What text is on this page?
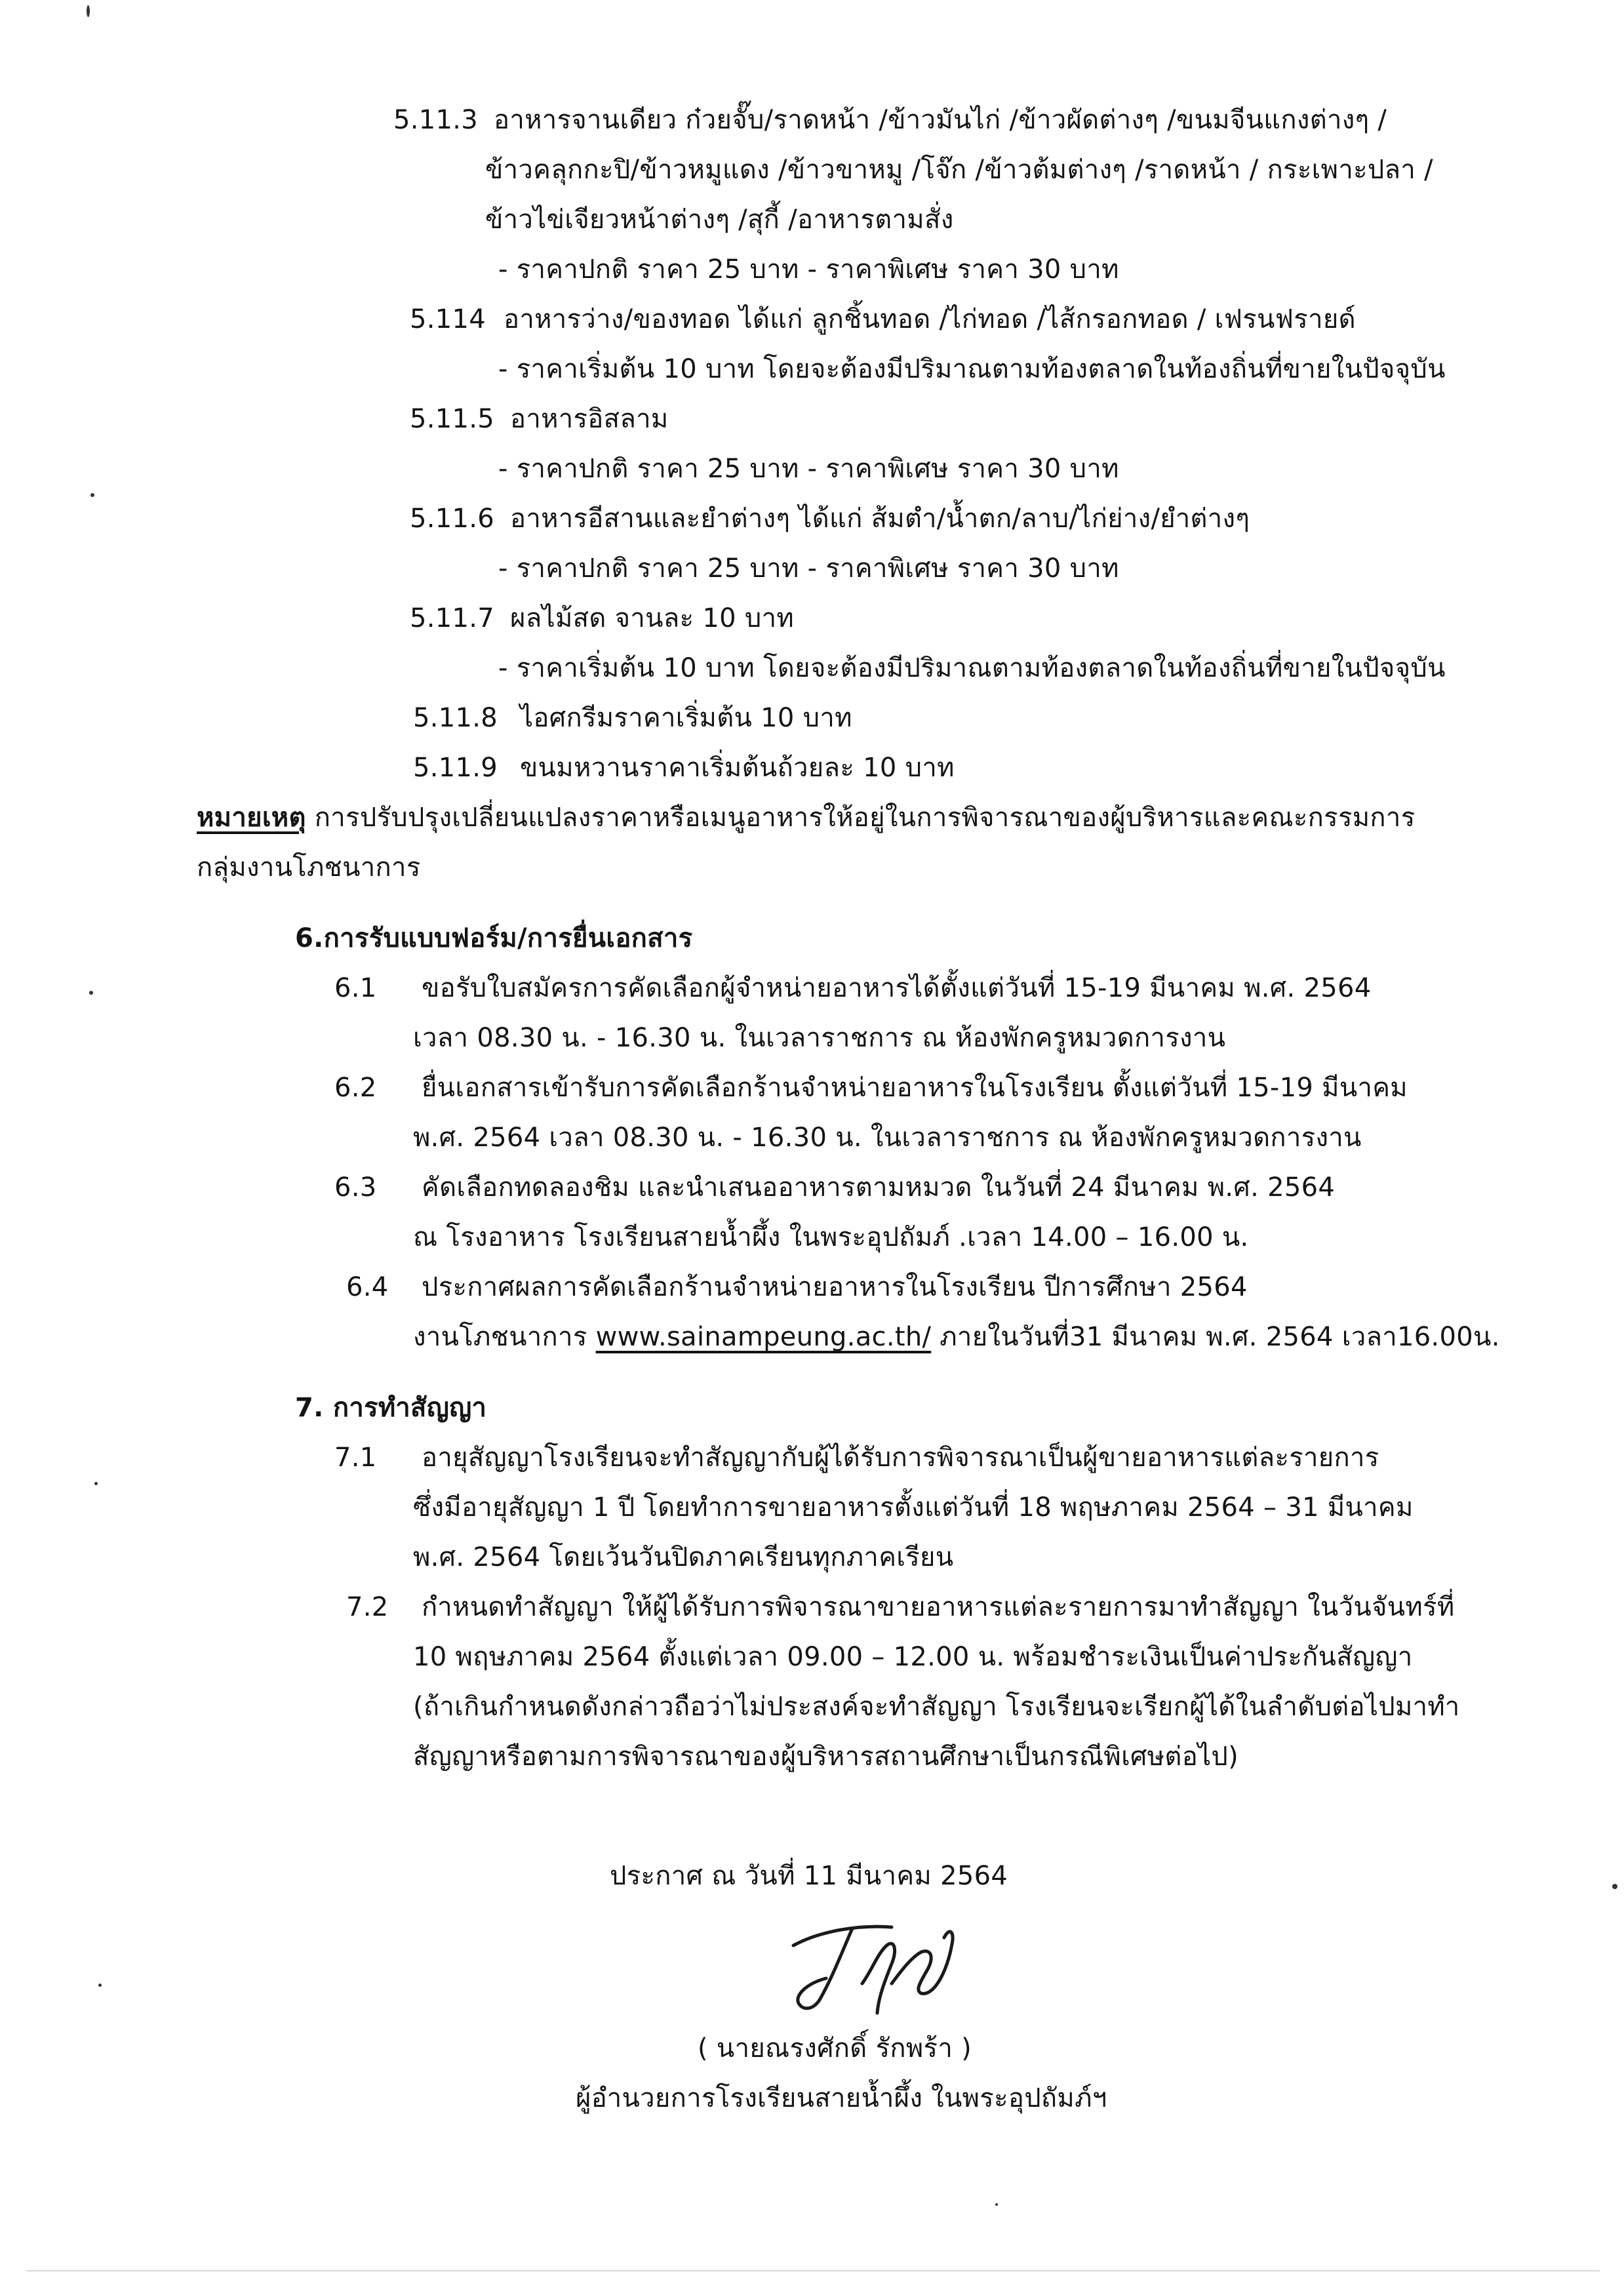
5.11.3 อาหารจานเดียว ก๋วยจั๊บ/ราดหน้า /ข้าวมันไก่ /ข้าวผัดต่างๆ /ขนมจีนแกงต่างๆ /
ข้าวคลุกกะปิ/ข้าวหมูแดง /ข้าวขาหมู /โจ๊ก /ข้าวต้มต่างๆ /ราดหน้า / กระเพาะปลา /
ข้าวไข่เจียวหน้าต่างๆ /สุกี้ /อาหารตามสั่ง
- ราคาปกติ ราคา 25 บาท - ราคาพิเศษ ราคา 30 บาท
5.114 อาหารว่าง/ของทอด ได้แก่ ลูกชิ้นทอด /ไก่ทอด /ไส้กรอกทอด / เฟรนฟรายด์
- ราคาเริ่มต้น 10 บาท โดยจะต้องมีปริมาณตามท้องตลาดในท้องถิ่นที่ขายในปัจจุบัน
5.11.5 อาหารอิสลาม
- ราคาปกติ ราคา 25 บาท - ราคาพิเศษ ราคา 30 บาท
5.11.6 อาหารอีสานและยำต่างๆ ได้แก่ ส้มตำ/น้ำตก/ลาบ/ไก่ย่าง/ยำต่างๆ
- ราคาปกติ ราคา 25 บาท - ราคาพิเศษ ราคา 30 บาท
5.11.7 ผลไม้สด จานละ 10 บาท
- ราคาเริ่มต้น 10 บาท โดยจะต้องมีปริมาณตามท้องตลาดในท้องถิ่นที่ขายในปัจจุบัน
5.11.8 ไอศกรีมราคาเริ่มต้น 10 บาท
5.11.9 ขนมหวานราคาเริ่มต้นถ้วยละ 10 บาท
หมายเหตุ การปรับปรุงเปลี่ยนแปลงราคาหรือเมนูอาหารให้อยู่ในการพิจารณาของผู้บริหารและคณะกรรมการ
กลุ่มงานโภชนาการ
6.การรับแบบฟอร์ม/การยื่นเอกสาร
6.1 ขอรับใบสมัครการคัดเลือกผู้จำหน่ายอาหารได้ตั้งแต่วันที่ 15-19 มีนาคม พ.ศ. 2564
เวลา 08.30 น. - 16.30 น. ในเวลาราชการ ณ ห้องพักครูหมวดการงาน
6.2 ยื่นเอกสารเข้ารับการคัดเลือกร้านจำหน่ายอาหารในโรงเรียน ตั้งแต่วันที่ 15-19 มีนาคม
พ.ศ. 2564 เวลา 08.30 น. - 16.30 น. ในเวลาราชการ ณ ห้องพักครูหมวดการงาน
6.3 คัดเลือกทดลองชิม และนำเสนออาหารตามหมวด ในวันที่ 24 มีนาคม พ.ศ. 2564
ณ โรงอาหาร โรงเรียนสายน้ำผึ้ง ในพระอุปถัมภ์ .เวลา 14.00 – 16.00 น.
6.4 ประกาศผลการคัดเลือกร้านจำหน่ายอาหารในโรงเรียน ปีการศึกษา 2564
งานโภชนาการ www.sainampeung.ac.th/ ภายในวันที่31 มีนาคม พ.ศ. 2564 เวลา16.00น.
7. การทำสัญญา
7.1 อายุสัญญาโรงเรียนจะทำสัญญากับผู้ได้รับการพิจารณาเป็นผู้ขายอาหารแต่ละรายการ
ซึ่งมีอายุสัญญา 1 ปี โดยทำการขายอาหารตั้งแต่วันที่ 18 พฤษภาคม 2564 – 31 มีนาคม
พ.ศ. 2564 โดยเว้นวันปิดภาคเรียนทุกภาคเรียน
7.2 กำหนดทำสัญญา ให้ผู้ได้รับการพิจารณาขายอาหารแต่ละรายการมาทำสัญญา ในวันจันทร์ที่
10 พฤษภาคม 2564 ตั้งแต่เวลา 09.00 – 12.00 น. พร้อมชำระเงินเป็นค่าประกันสัญญา
(ถ้าเกินกำหนดดังกล่าวถือว่าไม่ประสงค์จะทำสัญญา โรงเรียนจะเรียกผู้ได้ในลำดับต่อไปมาทำ
สัญญาหรือตามการพิจารณาของผู้บริหารสถานศึกษาเป็นกรณีพิเศษต่อไป)
ประกาศ ณ วันที่ 11 มีนาคม 2564
( นายณรงศักดิ์ รักพร้า )
ผู้อำนวยการโรงเรียนสายน้ำผึ้ง ในพระอุปถัมภ์ฯ
